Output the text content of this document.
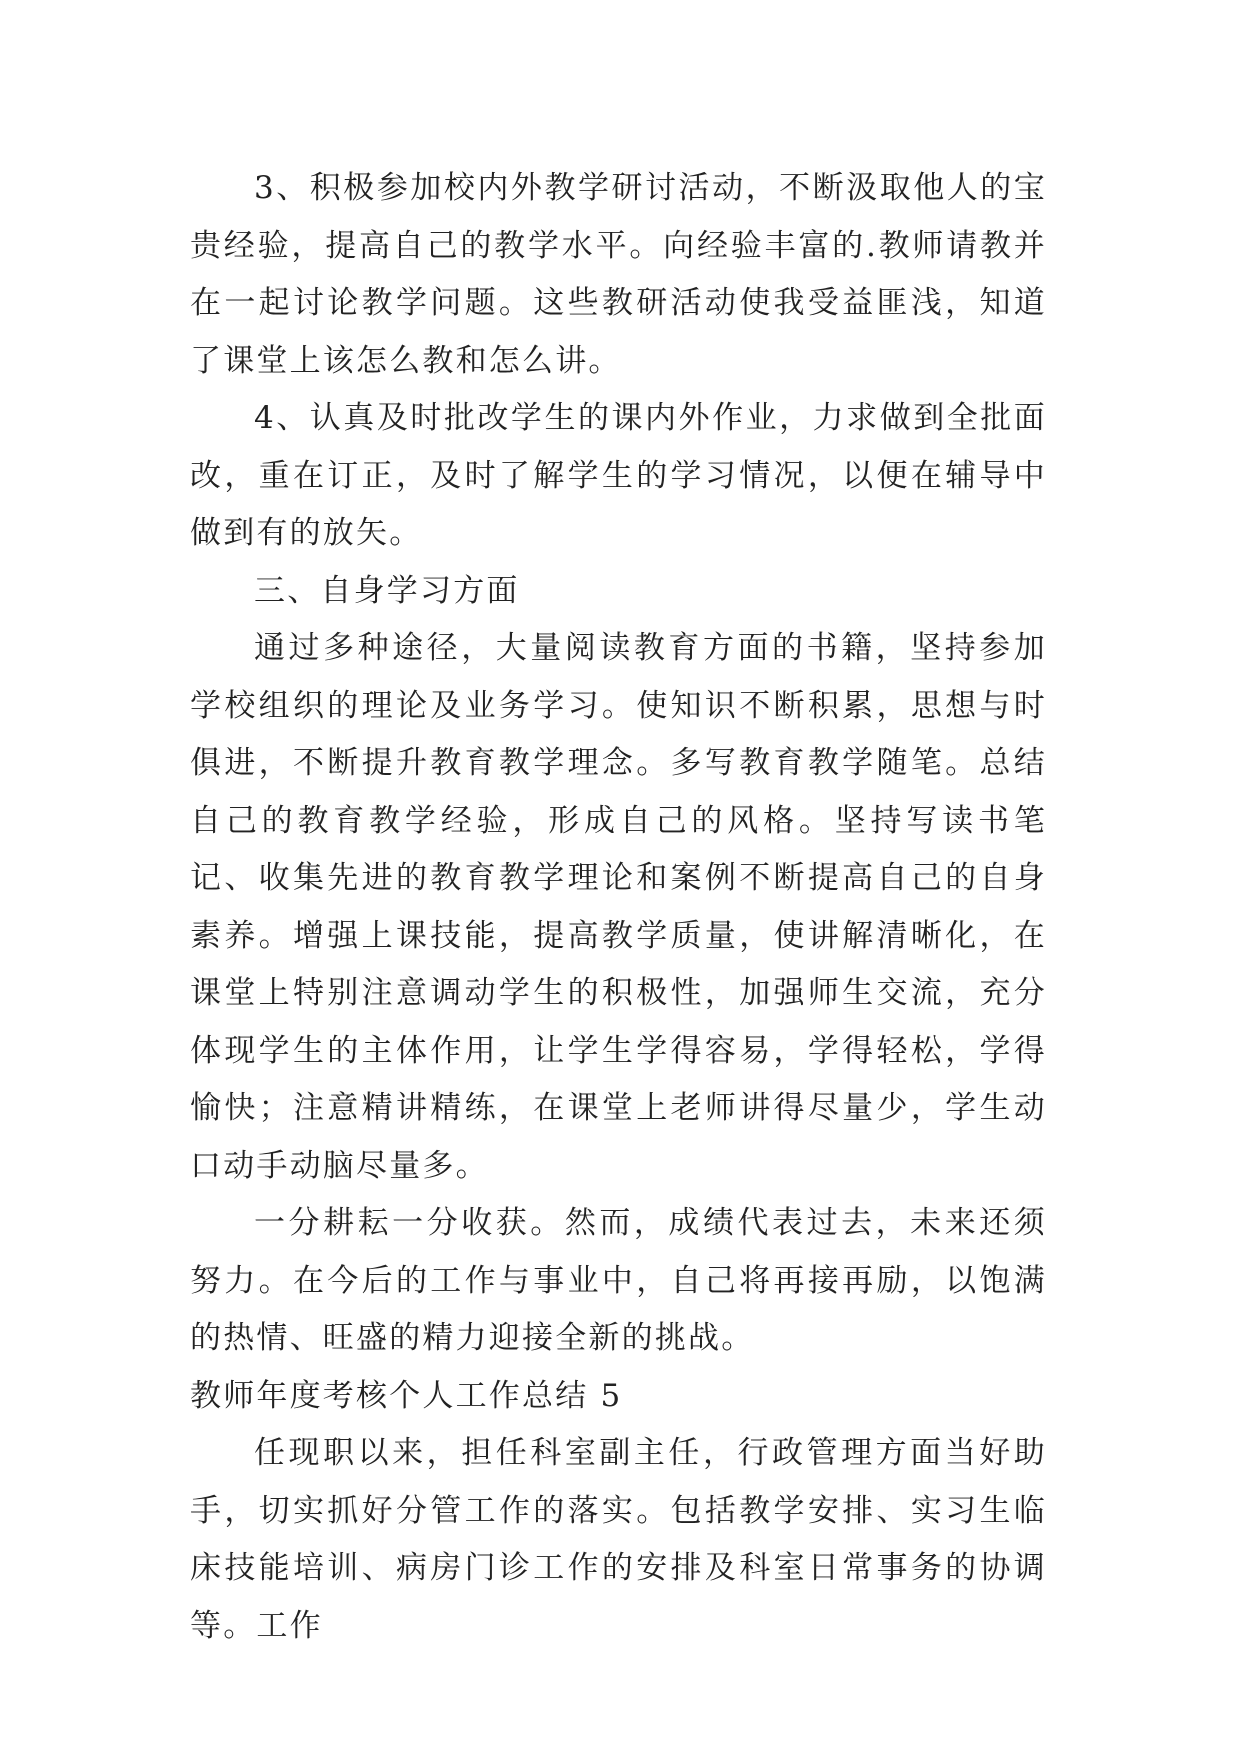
3、积极参加校内外教学研讨活动，不断汲取他人的宝贵经验，提高自己的教学水平。向经验丰富的.教师请教并在一起讨论教学问题。这些教研活动使我受益匪浅，知道了课堂上该怎么教和怎么讲。

4、认真及时批改学生的课内外作业，力求做到全批面改，重在订正，及时了解学生的学习情况，以便在辅导中做到有的放矢。

三、自身学习方面

通过多种途径，大量阅读教育方面的书籍，坚持参加学校组织的理论及业务学习。使知识不断积累，思想与时俱进，不断提升教育教学理念。多写教育教学随笔。总结自己的教育教学经验，形成自己的风格。坚持写读书笔记、收集先进的教育教学理论和案例不断提高自己的自身素养。增强上课技能，提高教学质量，使讲解清晰化，在课堂上特别注意调动学生的积极性，加强师生交流，充分体现学生的主体作用，让学生学得容易，学得轻松，学得愉快；注意精讲精练，在课堂上老师讲得尽量少，学生动口动手动脑尽量多。

一分耕耘一分收获。然而，成绩代表过去，未来还须努力。在今后的工作与事业中，自己将再接再励，以饱满的热情、旺盛的精力迎接全新的挑战。

教师年度考核个人工作总结 5

任现职以来，担任科室副主任，行政管理方面当好助手，切实抓好分管工作的落实。包括教学安排、实习生临床技能培训、病房门诊工作的安排及科室日常事务的协调等。工作
